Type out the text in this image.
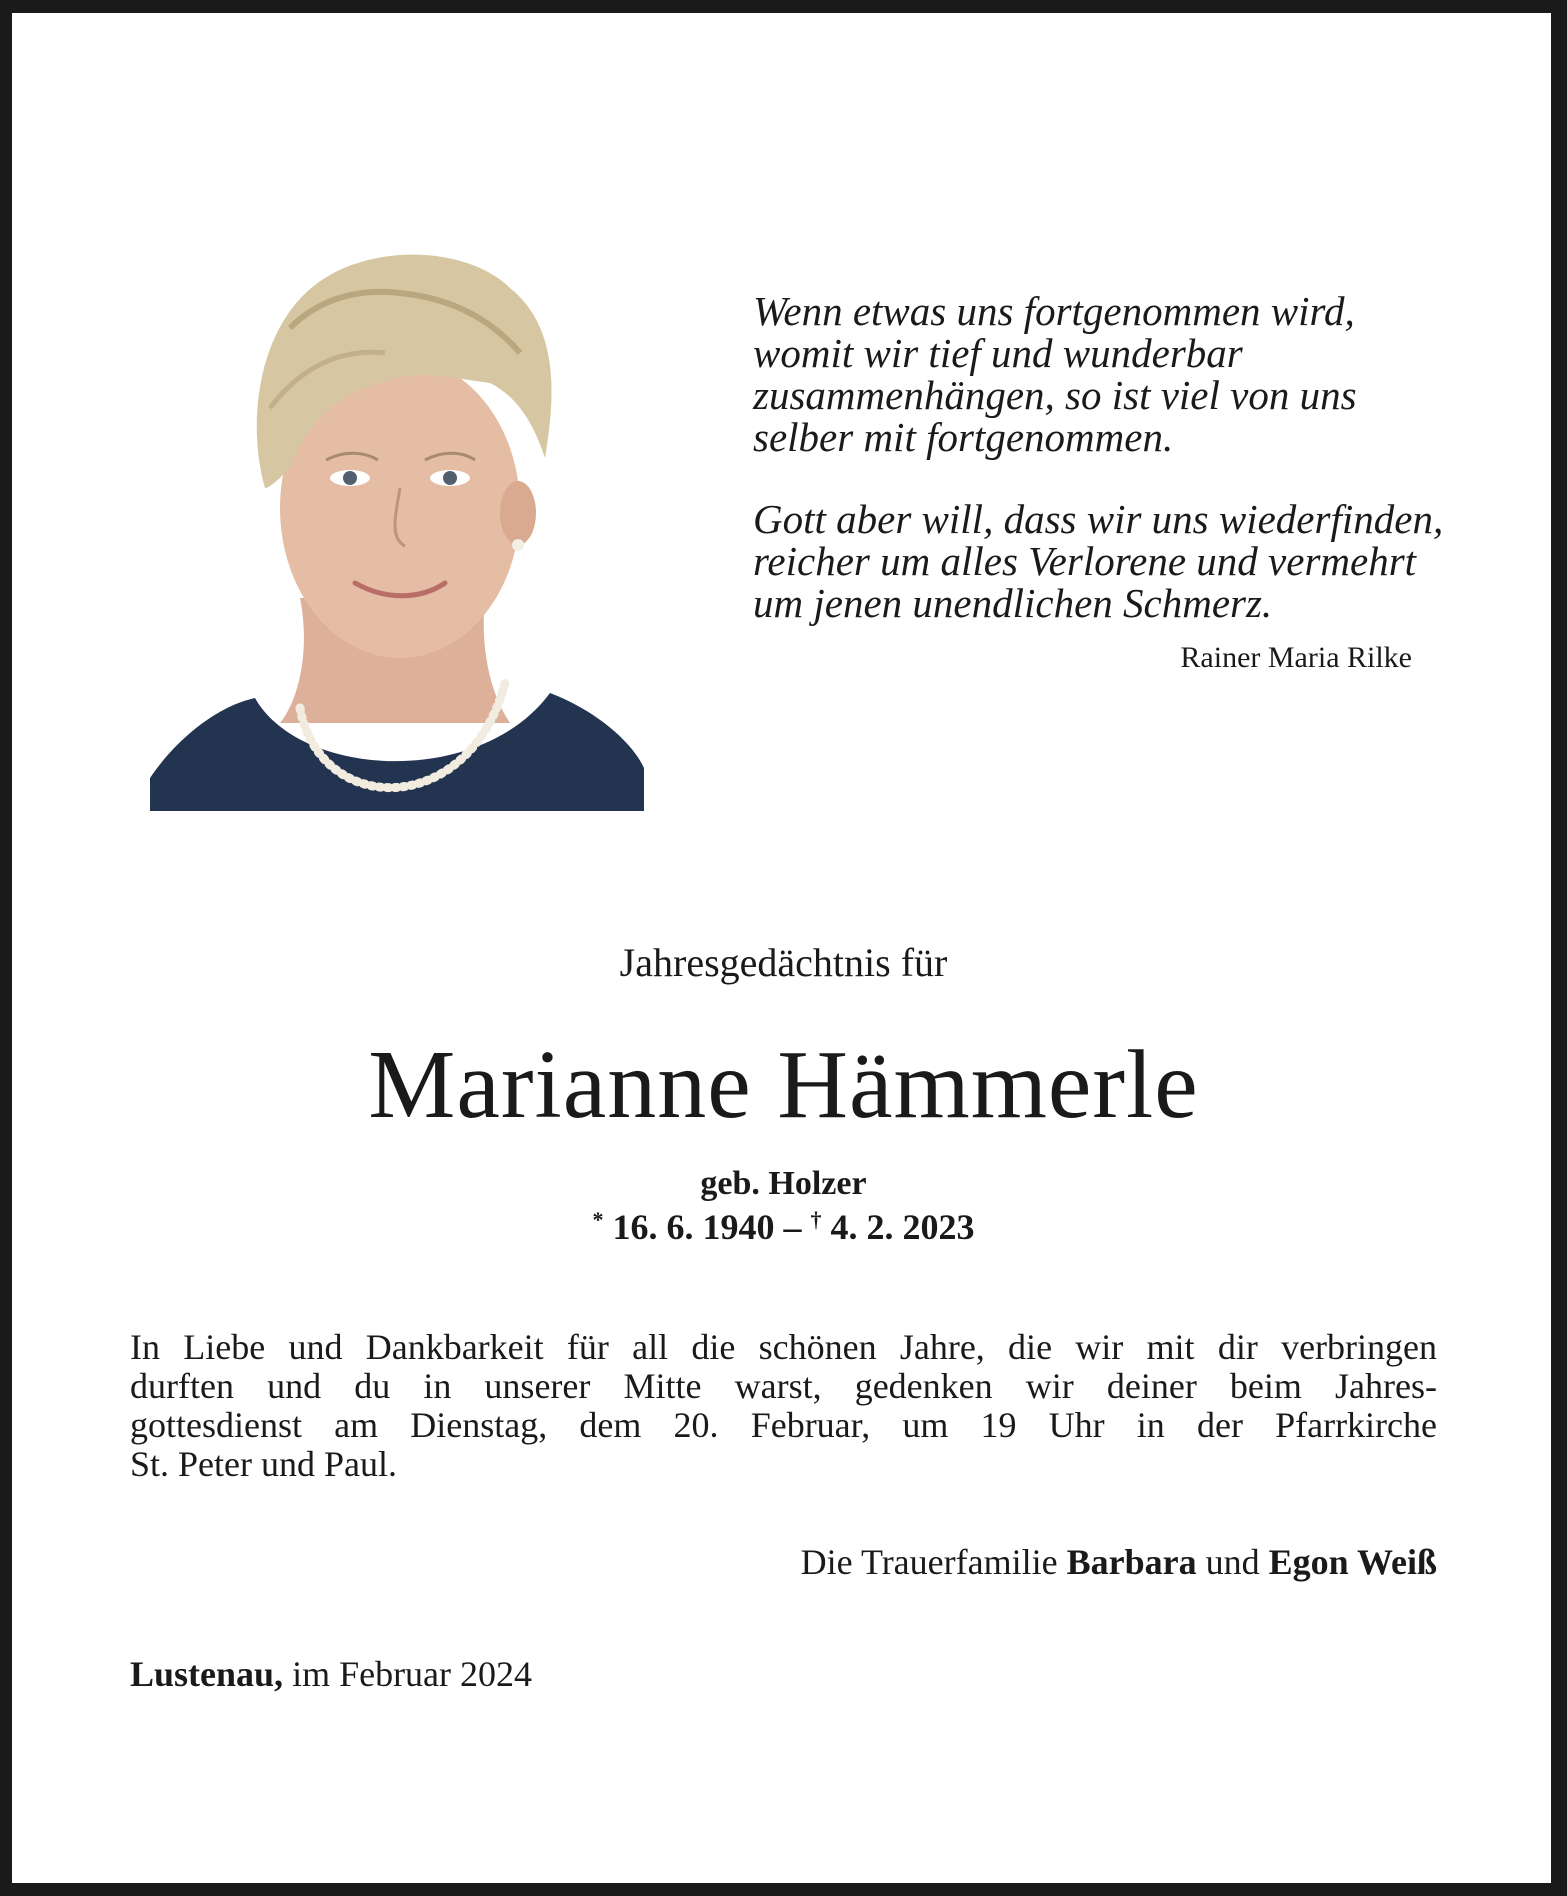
Wenn etwas uns fortgenommen wird,
womit wir tief und wunderbar
zusammenhängen, so ist viel von uns
selber mit fortgenommen.

Gott aber will, dass wir uns wiederfinden,
reicher um alles Verlorene und vermehrt
um jenen unendlichen Schmerz.

Rainer Maria Rilke
Jahresgedächtnis für
Marianne Hämmerle
geb. Holzer
* 16. 6. 1940 – † 4. 2. 2023
In Liebe und Dankbarkeit für all die schönen Jahre, die wir mit dir verbringen
durften und du in unserer Mitte warst, gedenken wir deiner beim Jahres-
gottesdienst am Dienstag, dem 20. Februar, um 19 Uhr in der Pfarrkirche
St. Peter und Paul.
Die Trauerfamilie Barbara und Egon Weiß
Lustenau, im Februar 2024
